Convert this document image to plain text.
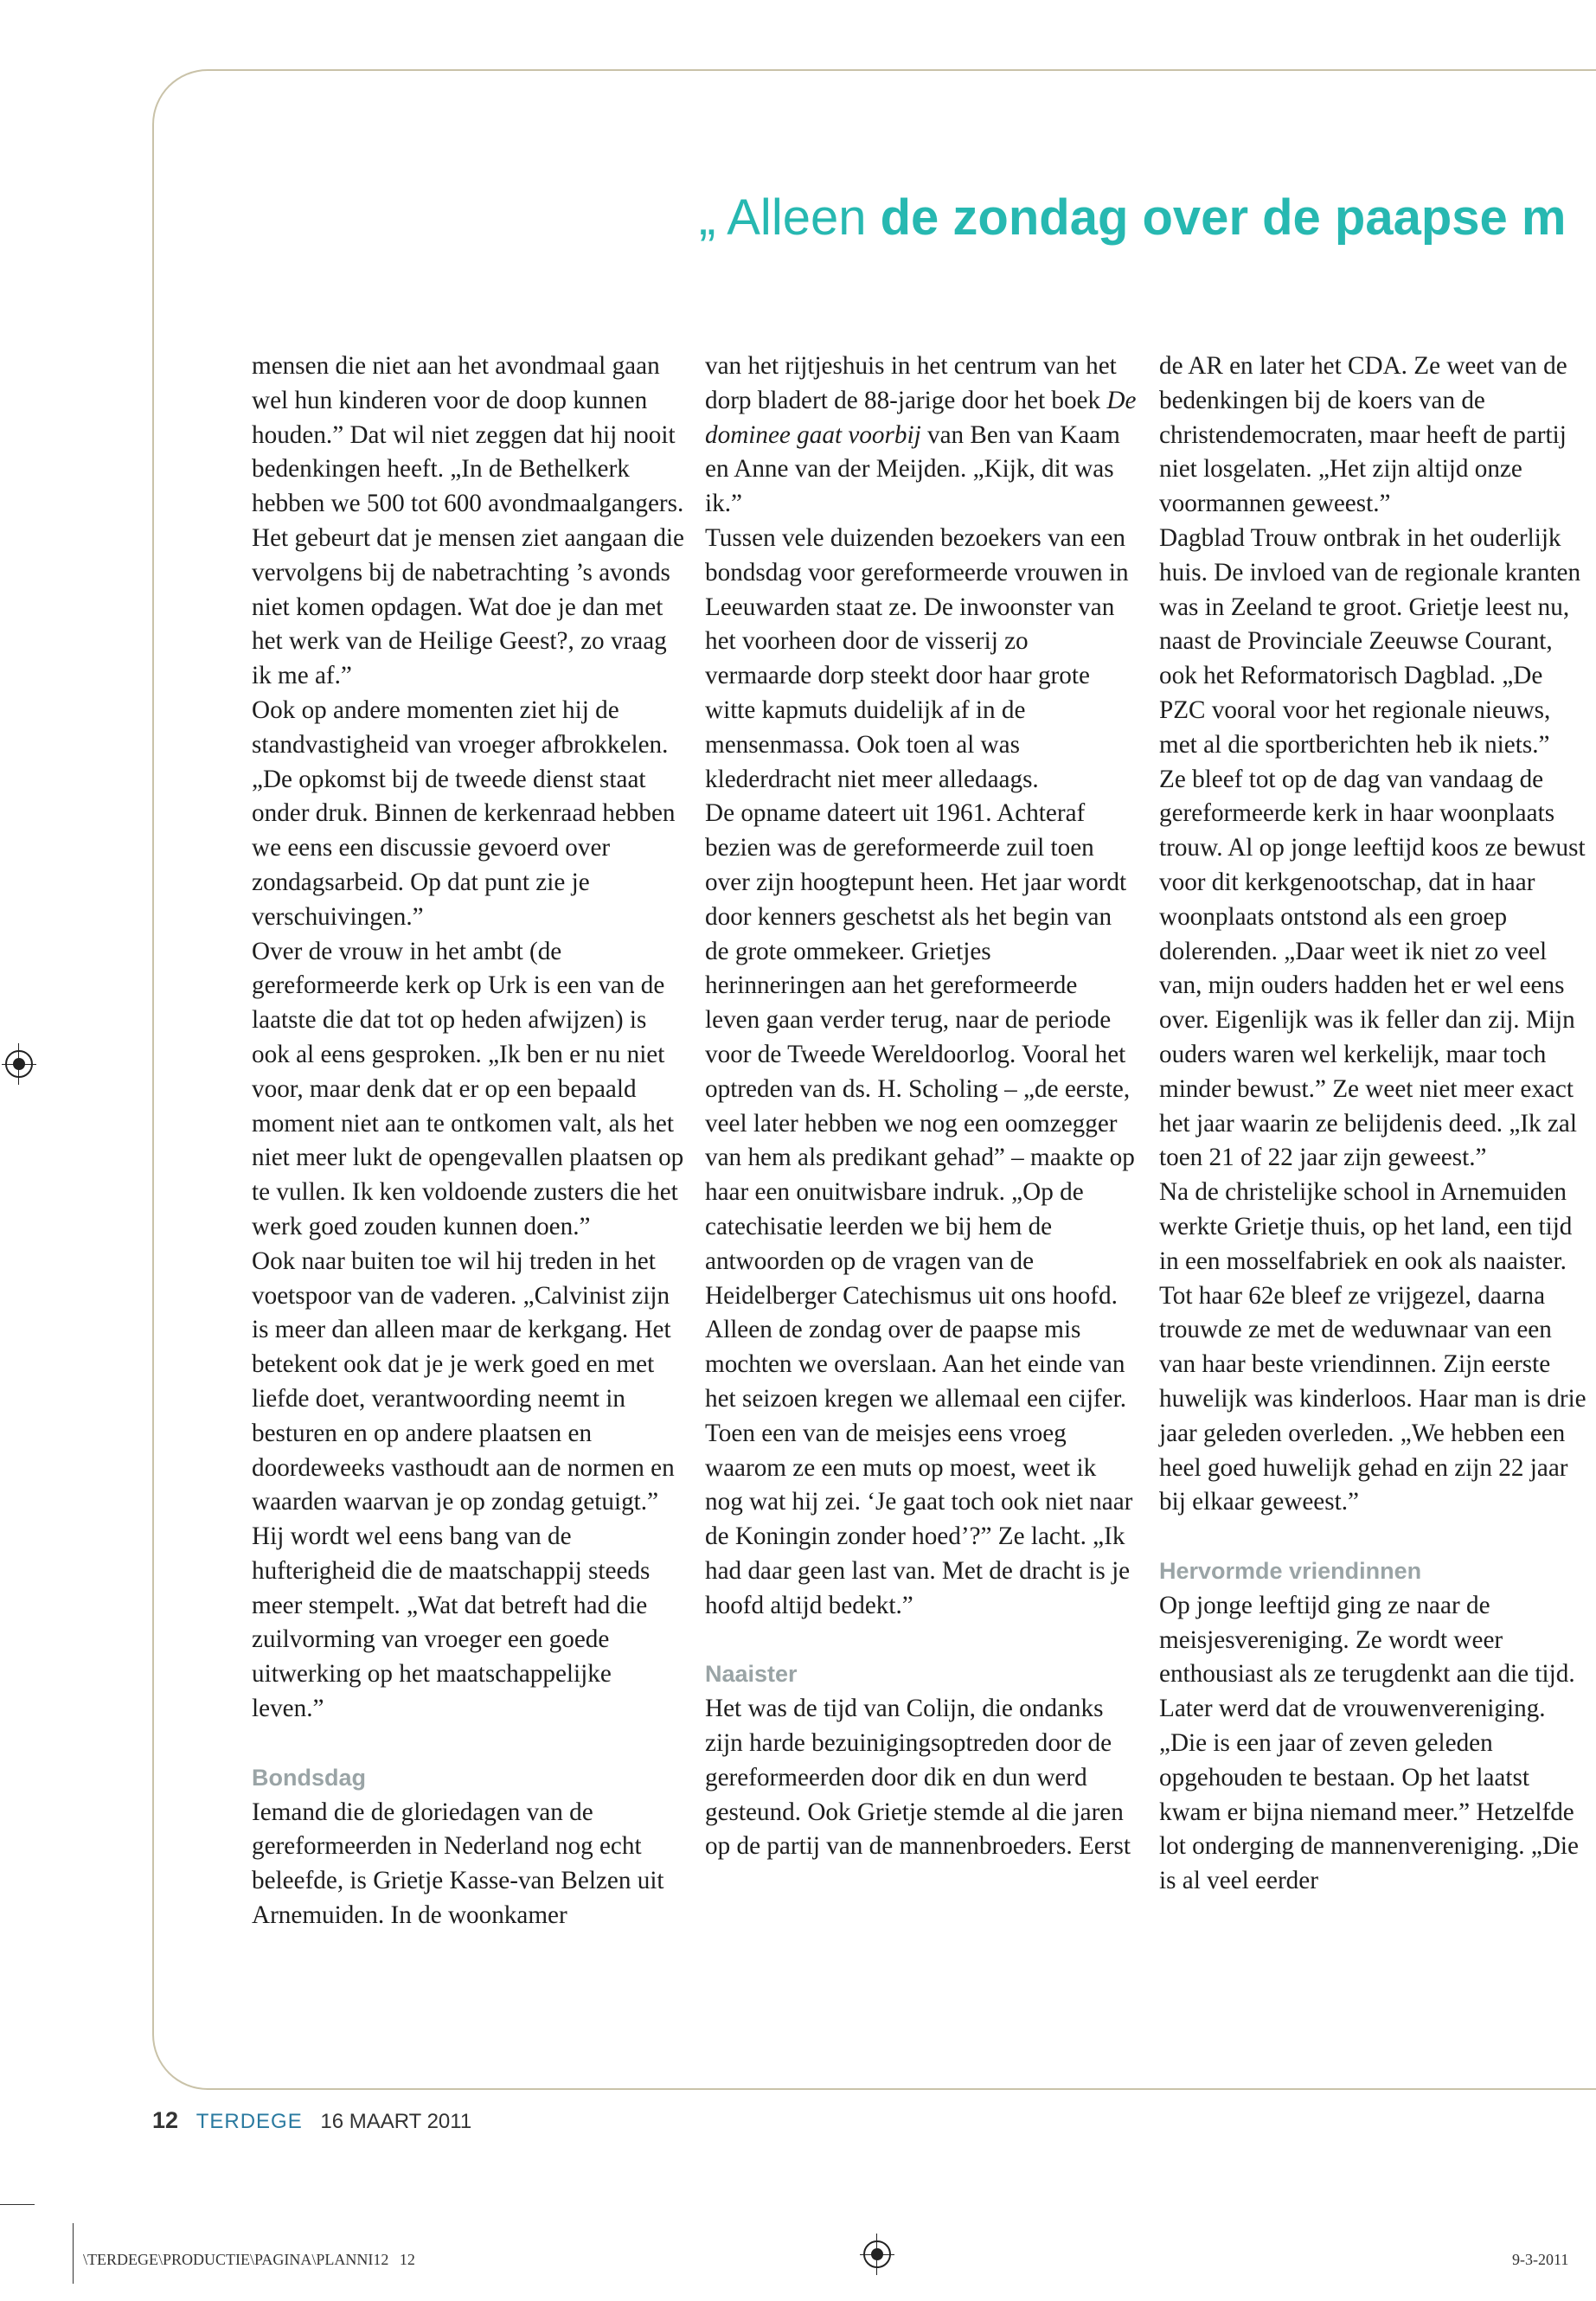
„ Alleen de zondag over de paapse m

mensen die niet aan het avondmaal gaan wel hun kinderen voor de doop kunnen houden.” Dat wil niet zeggen dat hij nooit bedenkingen heeft. „In de Bethelkerk hebben we 500 tot 600 avondmaalgangers. Het gebeurt dat je mensen ziet aangaan die vervolgens bij de nabetrachting ’s avonds niet komen opdagen. Wat doe je dan met het werk van de Heilige Geest?, zo vraag ik me af.”

Ook op andere momenten ziet hij de standvastigheid van vroeger afbrokkelen. „De opkomst bij de tweede dienst staat onder druk. Binnen de kerkenraad hebben we eens een discussie gevoerd over zondagsarbeid. Op dat punt zie je verschuivingen.”

Over de vrouw in het ambt (de gereformeerde kerk op Urk is een van de laatste die dat tot op heden afwijzen) is ook al eens gesproken. „Ik ben er nu niet voor, maar denk dat er op een bepaald moment niet aan te ontkomen valt, als het niet meer lukt de opengevallen plaatsen op te vullen. Ik ken voldoende zusters die het werk goed zouden kunnen doen.”

Ook naar buiten toe wil hij treden in het voetspoor van de vaderen. „Calvinist zijn is meer dan alleen maar de kerkgang. Het betekent ook dat je je werk goed en met liefde doet, verantwoording neemt in besturen en op andere plaatsen en doordeweeks vasthoudt aan de normen en waarden waarvan je op zondag getuigt.”

Hij wordt wel eens bang van de hufterigheid die de maatschappij steeds meer stempelt. „Wat dat betreft had die zuilvorming van vroeger een goede uitwerking op het maatschappelijke leven.”

Bondsdag

Iemand die de gloriedagen van de gereformeerden in Nederland nog echt beleefde, is Grietje Kasse-van Belzen uit Arnemuiden. In de woonkamer

van het rijtjeshuis in het centrum van het dorp bladert de 88-jarige door het boek De dominee gaat voorbij van Ben van Kaam en Anne van der Meijden. „Kijk, dit was ik.”

Tussen vele duizenden bezoekers van een bondsdag voor gereformeerde vrouwen in Leeuwarden staat ze. De inwoonster van het voorheen door de visserij zo vermaarde dorp steekt door haar grote witte kapmuts duidelijk af in de mensenmassa. Ook toen al was klederdracht niet meer alledaags.

De opname dateert uit 1961. Achteraf bezien was de gereformeerde zuil toen over zijn hoogtepunt heen. Het jaar wordt door kenners geschetst als het begin van de grote ommekeer. Grietjes herinneringen aan het gereformeerde leven gaan verder terug, naar de periode voor de Tweede Wereldoorlog. Vooral het optreden van ds. H. Scholing – „de eerste, veel later hebben we nog een oomzegger van hem als predikant gehad” – maakte op haar een onuitwisbare indruk. „Op de catechisatie leerden we bij hem de antwoorden op de vragen van de Heidelberger Catechismus uit ons hoofd. Alleen de zondag over de paapse mis mochten we overslaan. Aan het einde van het seizoen kregen we allemaal een cijfer. Toen een van de meisjes eens vroeg waarom ze een muts op moest, weet ik nog wat hij zei. ‘Je gaat toch ook niet naar de Koningin zonder hoed’?” Ze lacht. „Ik had daar geen last van. Met de dracht is je hoofd altijd bedekt.”

Naaister

Het was de tijd van Colijn, die ondanks zijn harde bezuinigingsoptreden door de gereformeerden door dik en dun werd gesteund. Ook Grietje stemde al die jaren op de partij van de mannenbroeders. Eerst

de AR en later het CDA. Ze weet van de bedenkingen bij de koers van de christendemocraten, maar heeft de partij niet losgelaten. „Het zijn altijd onze voormannen geweest.”

Dagblad Trouw ontbrak in het ouderlijk huis. De invloed van de regionale kranten was in Zeeland te groot. Grietje leest nu, naast de Provinciale Zeeuwse Courant, ook het Reformatorisch Dagblad. „De PZC vooral voor het regionale nieuws, met al die sportberichten heb ik niets.”

Ze bleef tot op de dag van vandaag de gereformeerde kerk in haar woonplaats trouw. Al op jonge leeftijd koos ze bewust voor dit kerkgenootschap, dat in haar woonplaats ontstond als een groep dolerenden. „Daar weet ik niet zo veel van, mijn ouders hadden het er wel eens over. Eigenlijk was ik feller dan zij. Mijn ouders waren wel kerkelijk, maar toch minder bewust.” Ze weet niet meer exact het jaar waarin ze belijdenis deed. „Ik zal toen 21 of 22 jaar zijn geweest.”

Na de christelijke school in Arnemuiden werkte Grietje thuis, op het land, een tijd in een mosselfabriek en ook als naaister. Tot haar 62e bleef ze vrijgezel, daarna trouwde ze met de weduwnaar van een van haar beste vriendinnen. Zijn eerste huwelijk was kinderloos. Haar man is drie jaar geleden overleden. „We hebben een heel goed huwelijk gehad en zijn 22 jaar bij elkaar geweest.”

Hervormde vriendinnen

Op jonge leeftijd ging ze naar de meisjesvereniging. Ze wordt weer enthousiast als ze terugdenkt aan die tijd. Later werd dat de vrouwenvereniging. „Die is een jaar of zeven geleden opgehouden te bestaan. Op het laatst kwam er bijna niemand meer.” Hetzelfde lot onderging de mannenvereniging. „Die is al veel eerder

12 TERDEGE 16 MAART 2011
\TERDEGE\PRODUCTIE\PAGINA\PLANNI12 12	9-3-2011
